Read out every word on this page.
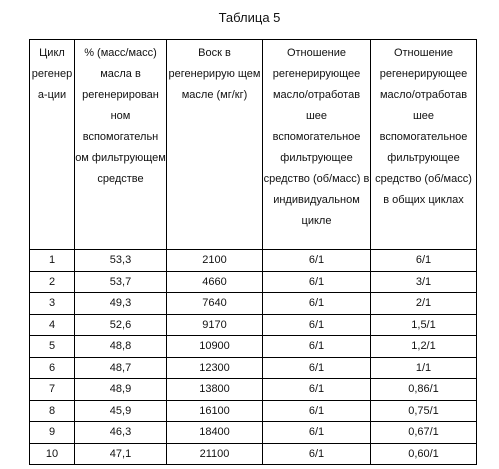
Таблица 5
Цикл регенер а-ции	% (масс/масс) масла в регенерирован ном вспомогательн ом фильтрующем средстве	Воск в регенерирую щем масле (мг/кг)	Отношение регенерирующее масло/отработав шее вспомогательное фильтрующее средство (об/масс) в индивидуальном цикле	Отношение регенерирующее масло/отработав шее вспомогательное фильтрующее средство (об/масс) в общих циклах
1	53,3	2100	6/1	6/1
2	53,7	4660	6/1	3/1
3	49,3	7640	6/1	2/1
4	52,6	9170	6/1	1,5/1
5	48,8	10900	6/1	1,2/1
6	48,7	12300	6/1	1/1
7	48,9	13800	6/1	0,86/1
8	45,9	16100	6/1	0,75/1
9	46,3	18400	6/1	0,67/1
10	47,1	21100	6/1	0,60/1
